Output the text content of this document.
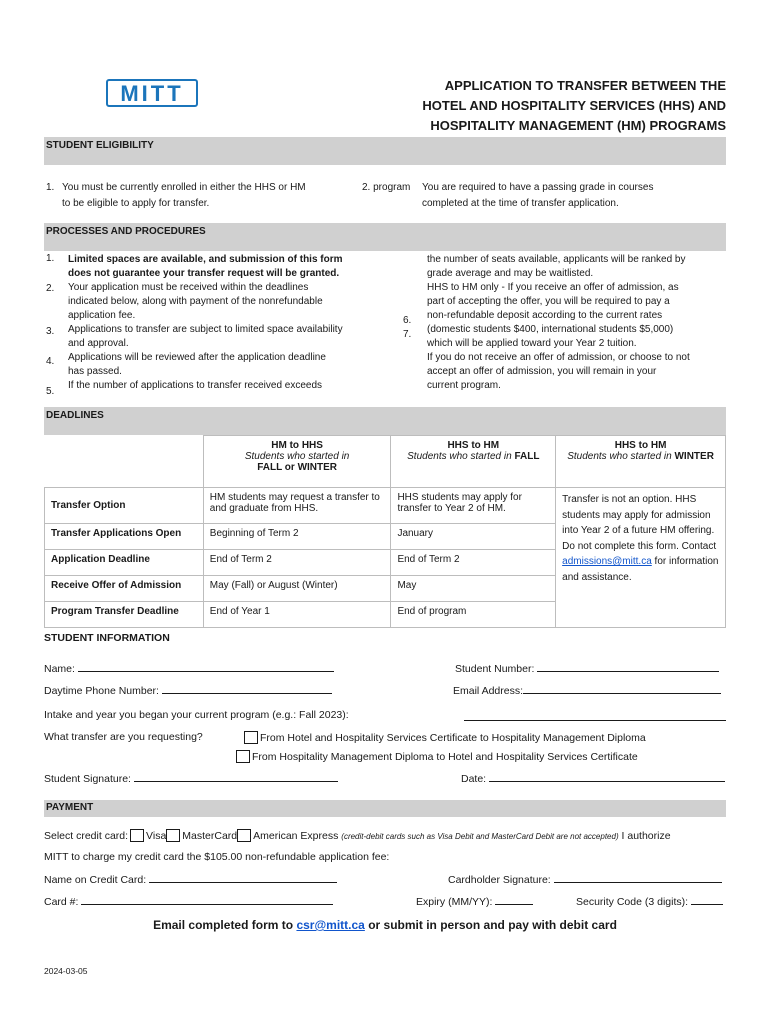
MITT	APPLICATION TO TRANSFER BETWEEN THE
HOTEL AND HOSPITALITY SERVICES (HHS) AND
HOSPITALITY MANAGEMENT (HM) PROGRAMS
STUDENT ELIGIBILITY
1. You must be currently enrolled in either the HHS or HM

to be eligible to apply for transfer.
2. program You are required to have a passing grade in courses

completed at the time of transfer application.
PROCESSES AND PROCEDURES
1.
2.
3.
4.
5.
Limited spaces are available, and submission of this form
does not guarantee your transfer request will be granted.
Your application must be received within the deadlines
indicated below, along with payment of the nonrefundable
application fee.
Applications to transfer are subject to limited space availability
and approval.
Applications will be reviewed after the application deadline
has passed.
If the number of applications to transfer received exceeds
6.
7.
the number of seats available, applicants will be ranked by
grade average and may be waitlisted.
HHS to HM only - If you receive an offer of admission, as
part of accepting the offer, you will be required to pay a
non-refundable deposit according to the current rates
(domestic students $400, international students $5,000)
which will be applied toward your Year 2 tuition.
If you do not receive an offer of admission, or choose to not
accept an offer of admission, you will remain in your
current program.
DEADLINES
	HM to HHS
Students who started in
FALL or WINTER	HHS to HM
Students who started in FALL	HHS to HM
Students who started in WINTER

Transfer Option	HM students may request a transfer to and graduate from HHS.	HHS students may apply for transfer to Year 2 of HM.	Transfer is not an option. HHS students may apply for admission into Year 2 of a future HM offering. Do not complete this form. Contact admissions@mitt.ca for information and assistance.
Transfer Applications Open	Beginning of Term 2	January	
Application Deadline	End of Term 2	End of Term 2	
Receive Offer of Admission	May (Fall) or August (Winter)	May	
Program Transfer Deadline	End of Year 1	End of program	
STUDENT INFORMATION
Name:	Student Number:
Daytime Phone Number:	Email Address:
Intake and year you began your current program (e.g.: Fall 2023):
What transfer are you requesting?	From Hotel and Hospitality Services Certificate to Hospitality Management Diploma
From Hospitality Management Diploma to Hotel and Hospitality Services Certificate
Student Signature:	Date:
PAYMENT
Select credit card: Visa MasterCard American Express (credit-debit cards such as Visa Debit and MasterCard Debit are not accepted) I authorize
MITT to charge my credit card the $105.00 non-refundable application fee:
Name on Credit Card:	Cardholder Signature:
Card #:	Expiry (MM/YY):	Security Code (3 digits):
Email completed form to csr@mitt.ca or submit in person and pay with debit card
2024-03-05
